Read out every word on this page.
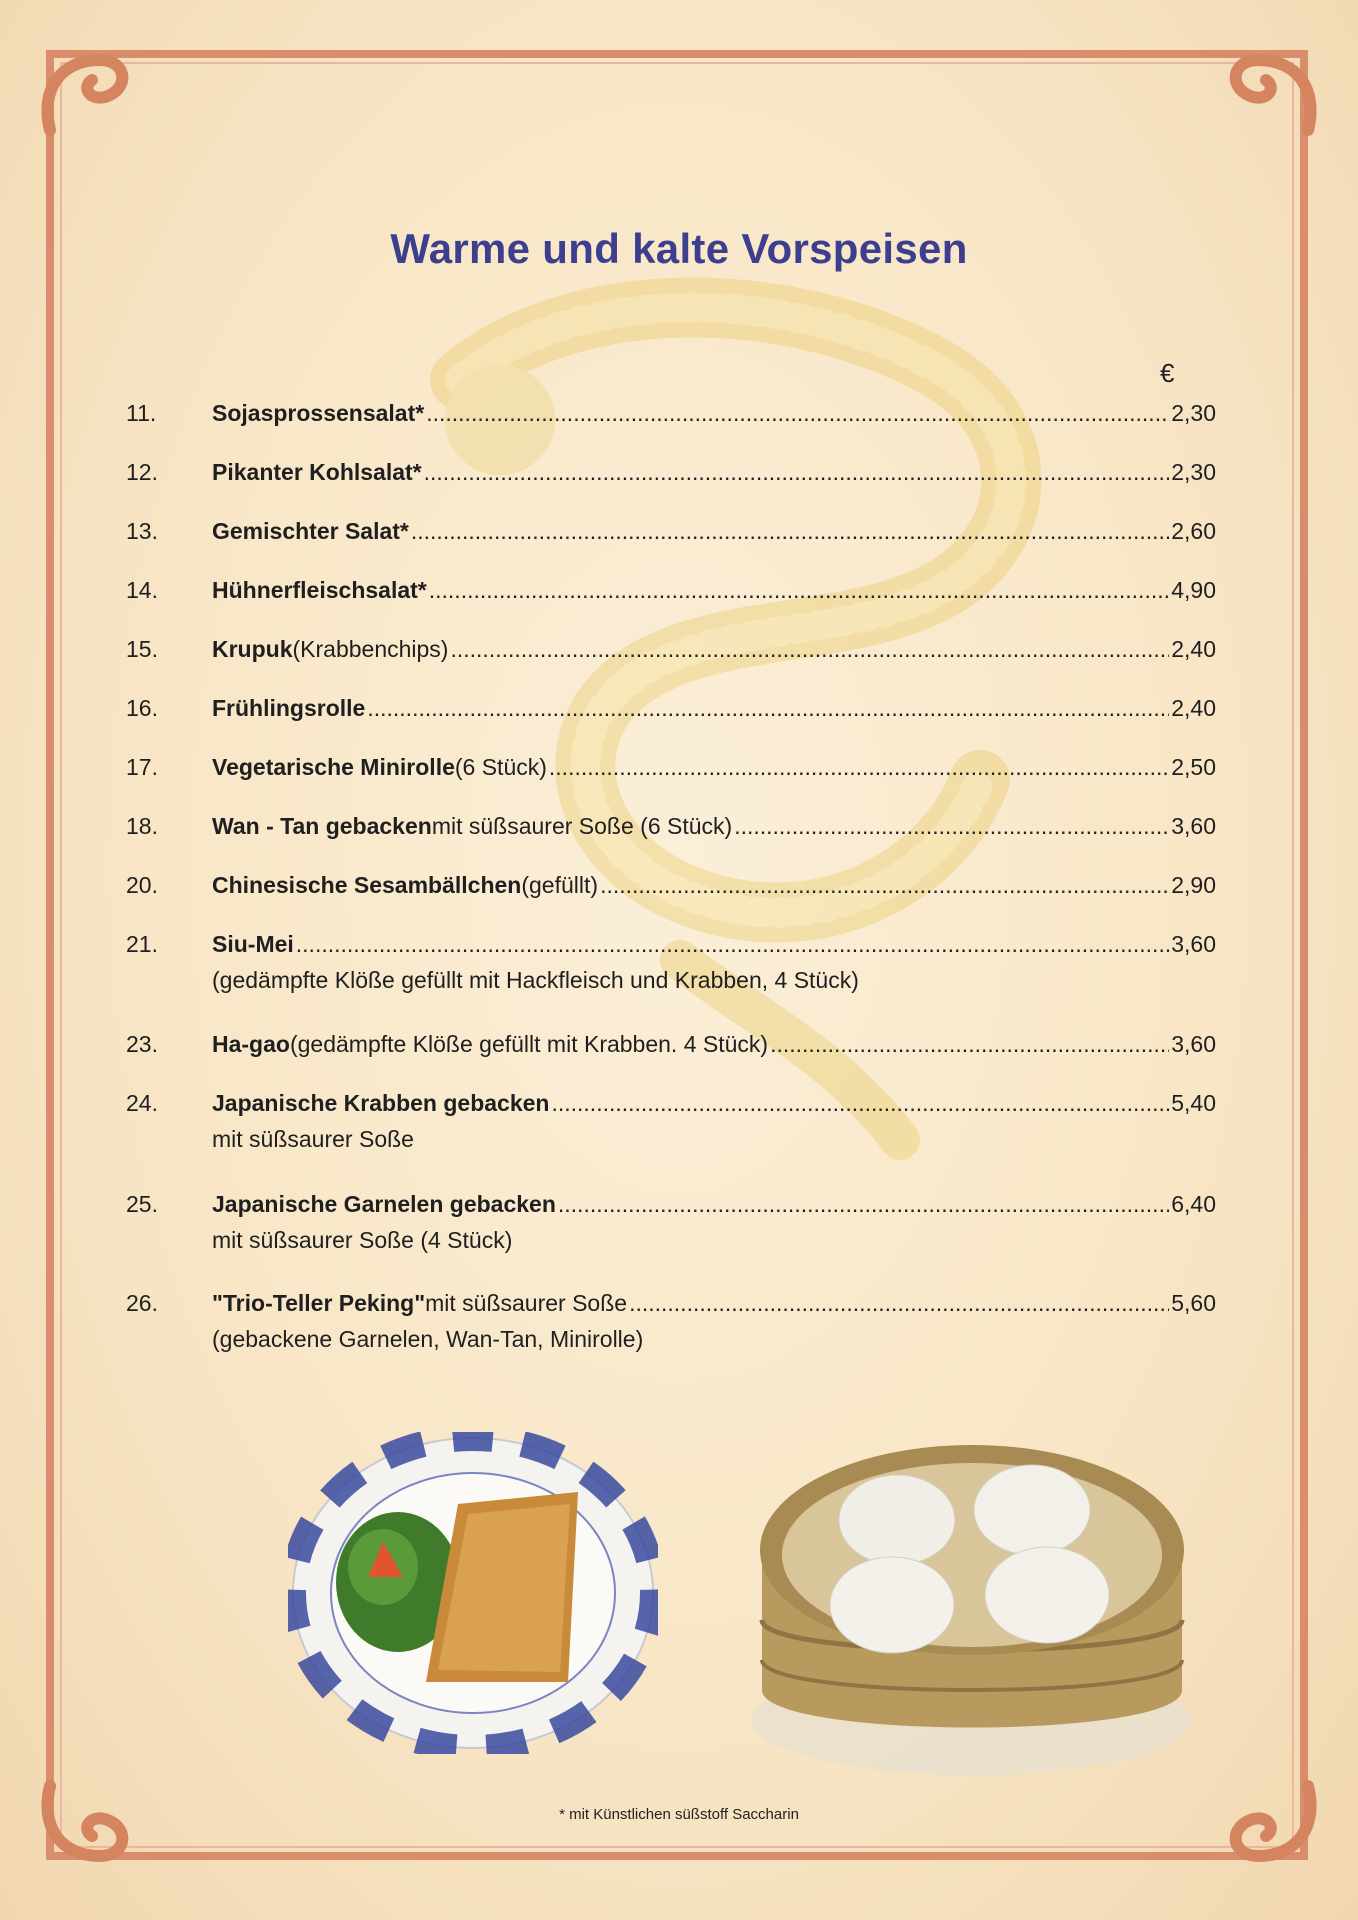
Warme und kalte Vorspeisen
€
11. Sojasprossensalat* .....	2,30
12. Pikanter Kohlsalat* .....	2,30
13. Gemischter Salat* .....	2,60
14. Hühnerfleischsalat* .....	4,90
15. Krupuk (Krabbenchips) .....	2,40
16. Frühlingsrolle .....	2,40
17. Vegetarische Minirolle (6 Stück) .....	2,50
18. Wan - Tan gebacken mit süßsaurer Soße (6 Stück) .....	3,60
20. Chinesische Sesambällchen (gefüllt) .....	2,90
21. Siu-Mei .....	3,60
(gedämpfte Klöße gefüllt mit Hackfleisch und Krabben, 4 Stück)
23. Ha-gao (gedämpfte Klöße gefüllt mit Krabben. 4 Stück) .....	3,60
24. Japanische Krabben gebacken .....	5,40
mit süßsaurer Soße
25. Japanische Garnelen gebacken .....	6,40
mit süßsaurer Soße (4 Stück)
26. "Trio-Teller Peking" mit süßsaurer Soße .....	5,60
(gebackene Garnelen, Wan-Tan, Minirolle)
* mit Künstlichen süßstoff Saccharin
